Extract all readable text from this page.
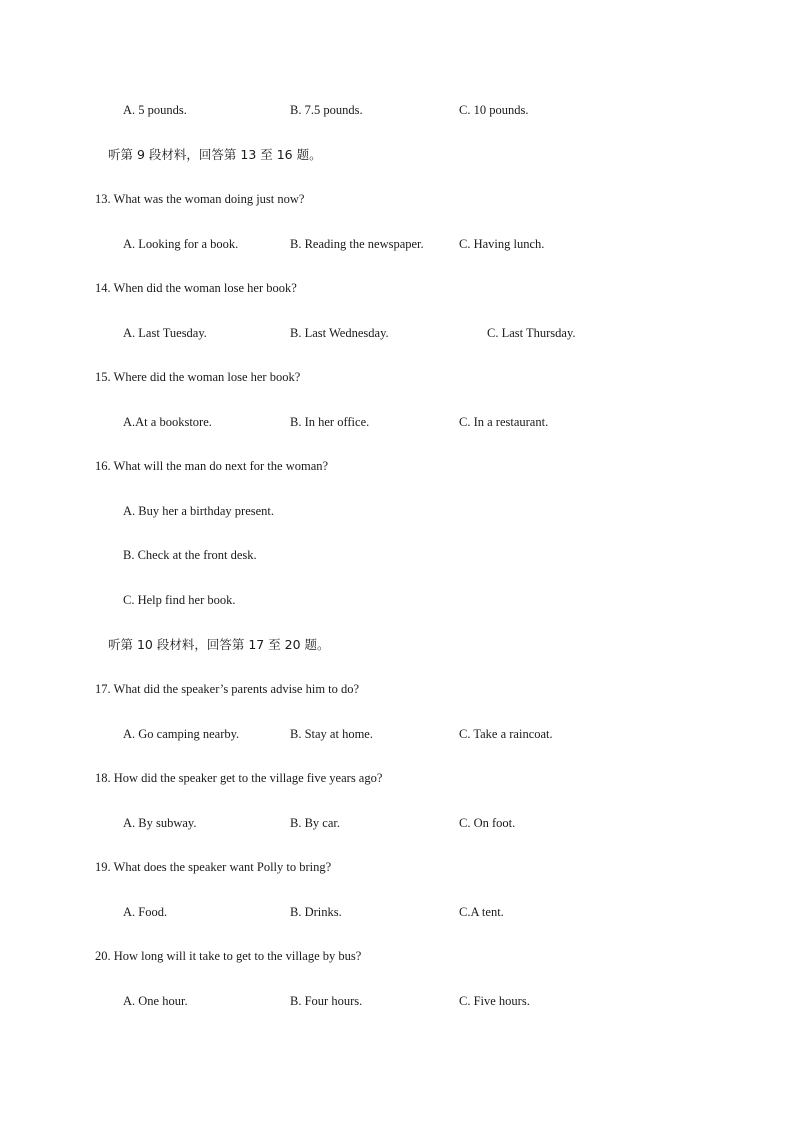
A. 5 pounds.	B. 7.5 pounds.	C. 10 pounds.
听第 9 段材料，回答第 13 至 16 题。
13. What was the woman doing just now?
A. Looking for a book.	B. Reading the newspaper.	C. Having lunch.
14. When did the woman lose her book?
A. Last Tuesday.	B. Last Wednesday.	C. Last Thursday.
15. Where did the woman lose her book?
A.At a bookstore.	B. In her office.	C. In a restaurant.
16. What will the man do next for the woman?
A. Buy her a birthday present.
B. Check at the front desk.
C. Help find her book.
听第 10 段材料，回答第 17 至 20 题。
17. What did the speaker’s parents advise him to do?
A. Go camping nearby.	B. Stay at home.	C. Take a raincoat.
18. How did the speaker get to the village five years ago?
A. By subway.	B. By car.	C. On foot.
19. What does the speaker want Polly to bring?
A. Food.	B. Drinks.	C.A tent.
20. How long will it take to get to the village by bus?
A. One hour.	B. Four hours.	C. Five hours.
